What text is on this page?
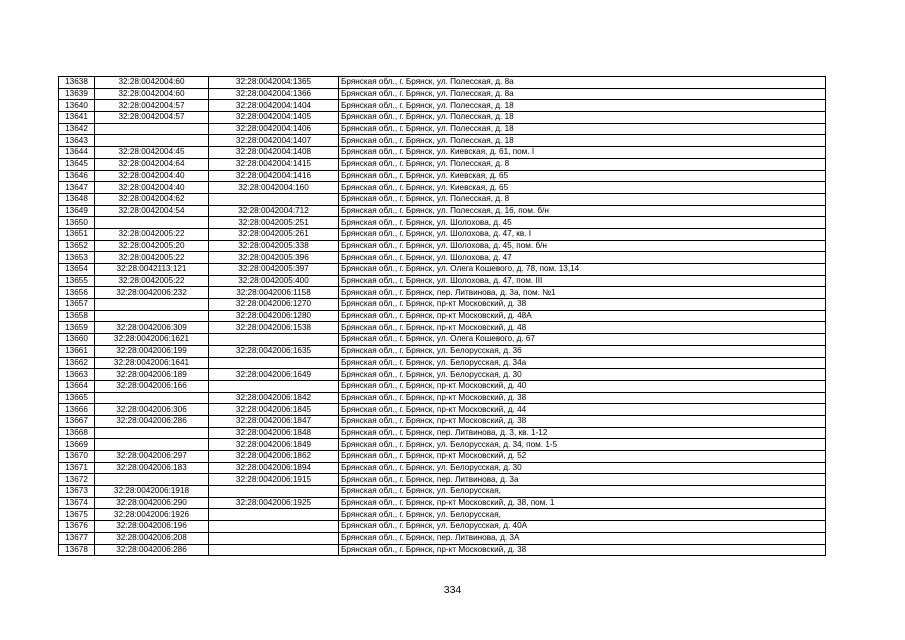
13638	32:28:0042004:60	32:28:0042004:1365	Брянская обл., г. Брянск, ул. Полесская, д. 8а
13639	32:28:0042004:60	32:28:0042004:1366	Брянская обл., г. Брянск, ул. Полесская, д. 8а
13640	32:28:0042004:57	32:28:0042004:1404	Брянская обл., г. Брянск, ул. Полесская, д. 18
13641	32:28:0042004:57	32:28:0042004:1405	Брянская обл., г. Брянск, ул. Полесская, д. 18
13642		32:28:0042004:1406	Брянская обл., г. Брянск, ул. Полесская, д. 18
13643		32:28:0042004:1407	Брянская обл., г. Брянск, ул. Полесская, д. 18
13644	32:28:0042004:45	32:28:0042004:1408	Брянская обл., г. Брянск, ул. Киевская, д. 61, пом. I
13645	32:28:0042004:64	32:28:0042004:1415	Брянская обл., г. Брянск, ул. Полесская, д. 8
13646	32:28:0042004:40	32:28:0042004:1416	Брянская обл., г. Брянск, ул. Киевская, д. 65
13647	32:28:0042004:40	32:28:0042004:160	Брянская обл., г. Брянск, ул. Киевская, д. 65
13648	32:28:0042004:62		Брянская обл., г. Брянск, ул. Полесская, д. 8
13649	32:28:0042004:54	32:28:0042004:712	Брянская обл., г. Брянск, ул. Полесская, д. 16, пом. б/н
13650		32:28:0042005:251	Брянская обл., г. Брянск, ул. Шолохова, д. 45
13651	32:28:0042005:22	32:28:0042005:261	Брянская обл., г. Брянск, ул. Шолохова, д. 47, кв. I
13652	32:28:0042005:20	32:28:0042005:338	Брянская обл., г. Брянск, ул. Шолохова, д. 45, пом. б/н
13653	32:28:0042005:22	32:28:0042005:396	Брянская обл., г. Брянск, ул. Шолохова, д. 47
13654	32:28:0042113:121	32:28:0042005:397	Брянская обл., г. Брянск, ул. Олега Кошевого, д. 78, пом. 13,14
13655	32:28:0042005:22	32:28:0042005:400	Брянская обл., г. Брянск, ул. Шолохова, д. 47, пом. III
13656	32:28:0042006:232	32:28:0042006:1158	Брянская обл., г. Брянск, пер. Литвинова, д. 3а, пом. №1
13657		32:28:0042006:1270	Брянская обл., г. Брянск, пр-кт Московский, д. 38
13658		32:28:0042006:1280	Брянская обл., г. Брянск, пр-кт Московский, д. 48А
13659	32:28:0042006:309	32:28:0042006:1538	Брянская обл., г. Брянск, пр-кт Московский, д. 48
13660	32:28:0042006:1621		Брянская обл., г. Брянск, ул. Олега Кошевого, д. 67
13661	32:28:0042006:199	32:28:0042006:1635	Брянская обл., г. Брянск, ул. Белорусская, д. 36
13662	32:28:0042006:1641		Брянская обл., г. Брянск, ул. Белорусская, д. 34а
13663	32:28:0042006:189	32:28:0042006:1649	Брянская обл., г. Брянск, ул. Белорусская, д. 30
13664	32:28:0042006:166		Брянская обл., г. Брянск, пр-кт Московский, д. 40
13665		32:28:0042006:1842	Брянская обл., г. Брянск, пр-кт Московский, д. 38
13666	32:28:0042006:306	32:28:0042006:1845	Брянская обл., г. Брянск, пр-кт Московский, д. 44
13667	32:28:0042006:286	32:28:0042006:1847	Брянская обл., г. Брянск, пр-кт Московский, д. 38
13668		32:28:0042006:1848	Брянская обл., г. Брянск, пер. Литвинова, д. 3, кв. 1-12
13669		32:28:0042006:1849	Брянская обл., г. Брянск, ул. Белорусская, д. 34, пом. 1-5
13670	32:28:0042006:297	32:28:0042006:1862	Брянская обл., г. Брянск, пр-кт Московский, д. 52
13671	32:28:0042006:183	32:28:0042006:1894	Брянская обл., г. Брянск, ул. Белорусская, д. 30
13672		32:28:0042006:1915	Брянская обл., г. Брянск, пер. Литвинова, д. 3а
13673	32:28:0042006:1918		Брянская обл., г. Брянск, ул. Белорусская,
13674	32:28:0042006:290	32:28:0042006:1925	Брянская обл., г. Брянск, пр-кт Московский, д. 38, пом. 1
13675	32:28:0042006:1926		Брянская обл., г. Брянск, ул. Белорусская,
13676	32:28:0042006:196		Брянская обл., г. Брянск, ул. Белорусская, д. 40А
13677	32:28:0042006:208		Брянская обл., г. Брянск, пер. Литвинова, д. 3А
13678	32:28:0042006:286		Брянская обл., г. Брянск, пр-кт Московский, д. 38
334
